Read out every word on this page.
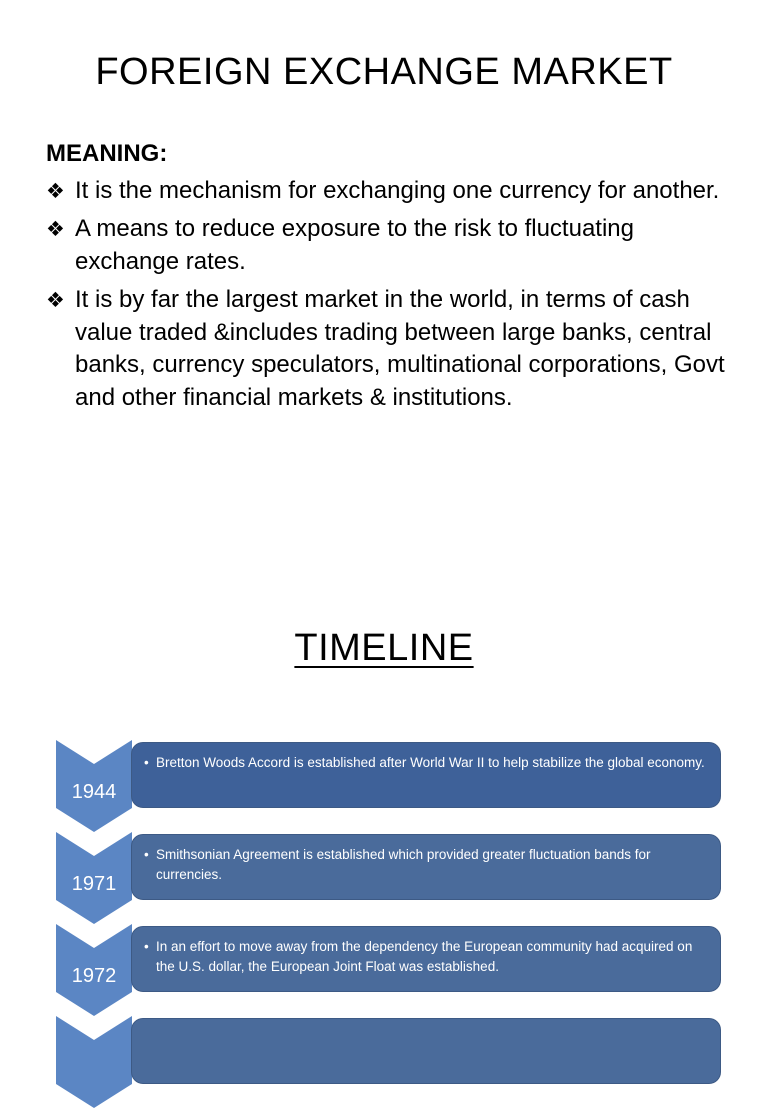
FOREIGN EXCHANGE MARKET
MEANING:
❖ It is the mechanism for exchanging one currency for another.
❖ A means to reduce exposure to the risk to fluctuating exchange rates.
❖ It is by far the largest market in the world, in terms of cash value traded &includes trading between large banks, central banks, currency speculators, multinational corporations, Govt and other financial markets & institutions.
TIMELINE
1944
• Bretton Woods Accord is established after World War II to help stabilize the global economy.
1971
• Smithsonian Agreement is established which provided greater fluctuation bands for currencies.
1972
• In an effort to move away from the dependency the European community had acquired on the U.S. dollar, the European Joint Float was established.
